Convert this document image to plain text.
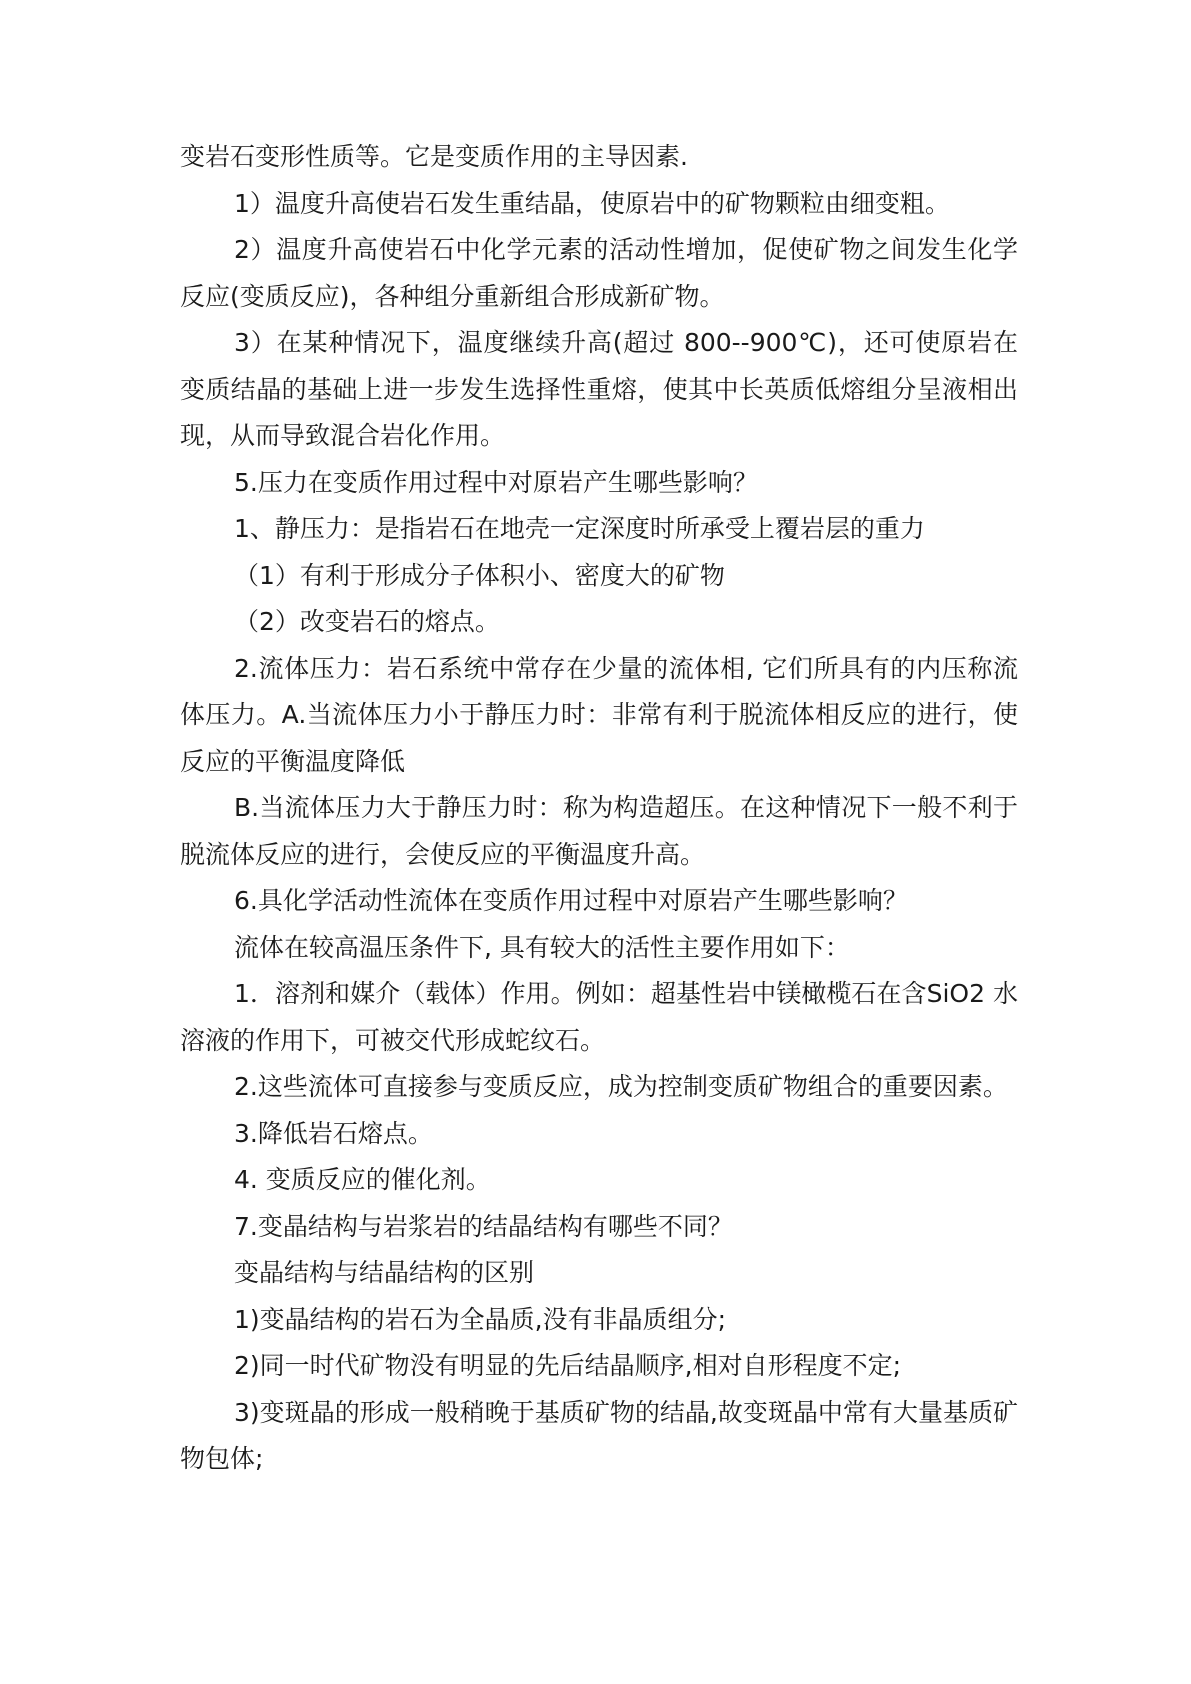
变岩石变形性质等。它是变质作用的主导因素.

1）温度升高使岩石发生重结晶，使原岩中的矿物颗粒由细变粗。

2）温度升高使岩石中化学元素的活动性增加，促使矿物之间发生化学反应(变质反应)，各种组分重新组合形成新矿物。

3）在某种情况下，温度继续升高(超过 800--900℃)，还可使原岩在变质结晶的基础上进一步发生选择性重熔，使其中长英质低熔组分呈液相出现，从而导致混合岩化作用。

5.压力在变质作用过程中对原岩产生哪些影响？

1、静压力：是指岩石在地壳一定深度时所承受上覆岩层的重力

（1）有利于形成分子体积小、密度大的矿物

（2）改变岩石的熔点。

2.流体压力：岩石系统中常存在少量的流体相, 它们所具有的内压称流体压力。A.当流体压力小于静压力时：非常有利于脱流体相反应的进行，使反应的平衡温度降低

B.当流体压力大于静压力时：称为构造超压。在这种情况下一般不利于脱流体反应的进行，会使反应的平衡温度升高。

6.具化学活动性流体在变质作用过程中对原岩产生哪些影响？

流体在较高温压条件下, 具有较大的活性主要作用如下：

1．溶剂和媒介（载体）作用。例如：超基性岩中镁橄榄石在含SiO2 水溶液的作用下，可被交代形成蛇纹石。

2.这些流体可直接参与变质反应，成为控制变质矿物组合的重要因素。

3.降低岩石熔点。

4. 变质反应的催化剂。

7.变晶结构与岩浆岩的结晶结构有哪些不同？

变晶结构与结晶结构的区别

1)变晶结构的岩石为全晶质,没有非晶质组分;

2)同一时代矿物没有明显的先后结晶顺序,相对自形程度不定;

3)变斑晶的形成一般稍晚于基质矿物的结晶,故变斑晶中常有大量基质矿物包体;
